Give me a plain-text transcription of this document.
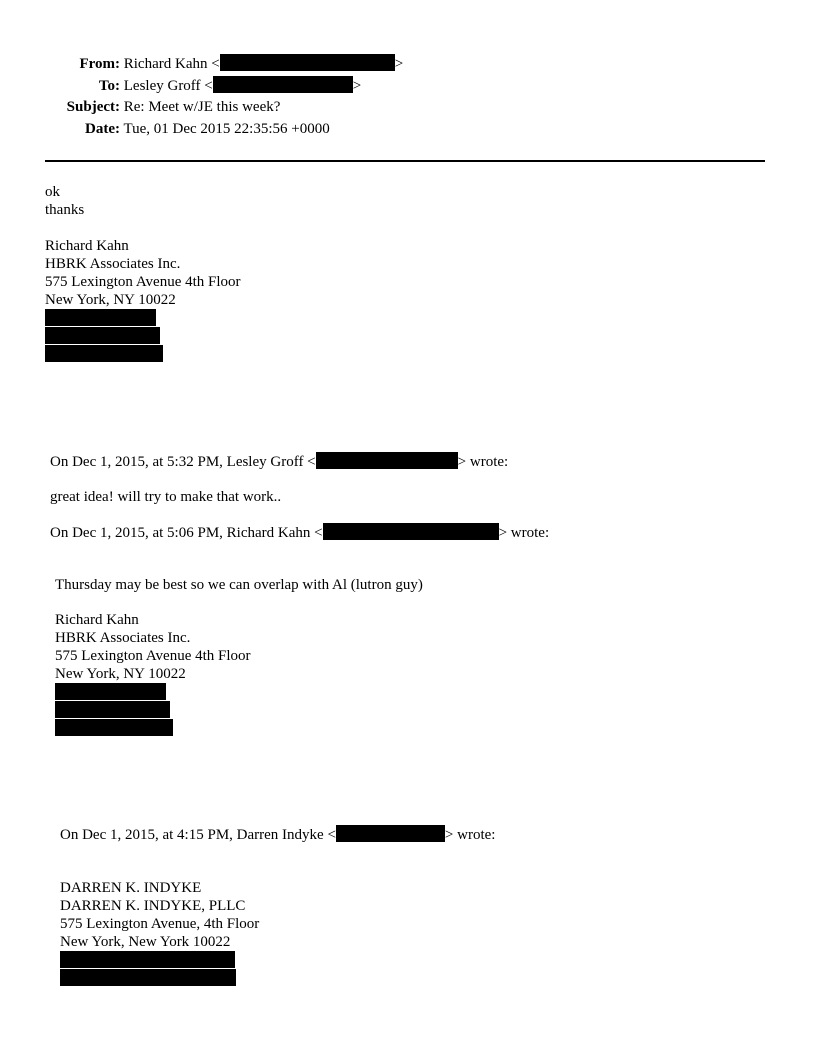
From: Richard Kahn <	>
To: Lesley Groff <	>
Subject: Re: Meet w/JE this week?
Date: Tue, 01 Dec 2015 22:35:56 +0000
ok
thanks
Richard Kahn
HBRK Associates Inc.
575 Lexington Avenue 4th Floor
New York, NY 10022
On Dec 1, 2015, at 5:32 PM, Lesley Groff <	> wrote:
great idea! will try to make that work..
On Dec 1, 2015, at 5:06 PM, Richard Kahn <	> wrote:
Thursday may be best so we can overlap with Al (lutron guy)
Richard Kahn
HBRK Associates Inc.
575 Lexington Avenue 4th Floor
New York, NY 10022
On Dec 1, 2015, at 4:15 PM, Darren Indyke <	> wrote:
DARREN K. INDYKE
DARREN K. INDYKE, PLLC
575 Lexington Avenue, 4th Floor
New York, New York 10022
